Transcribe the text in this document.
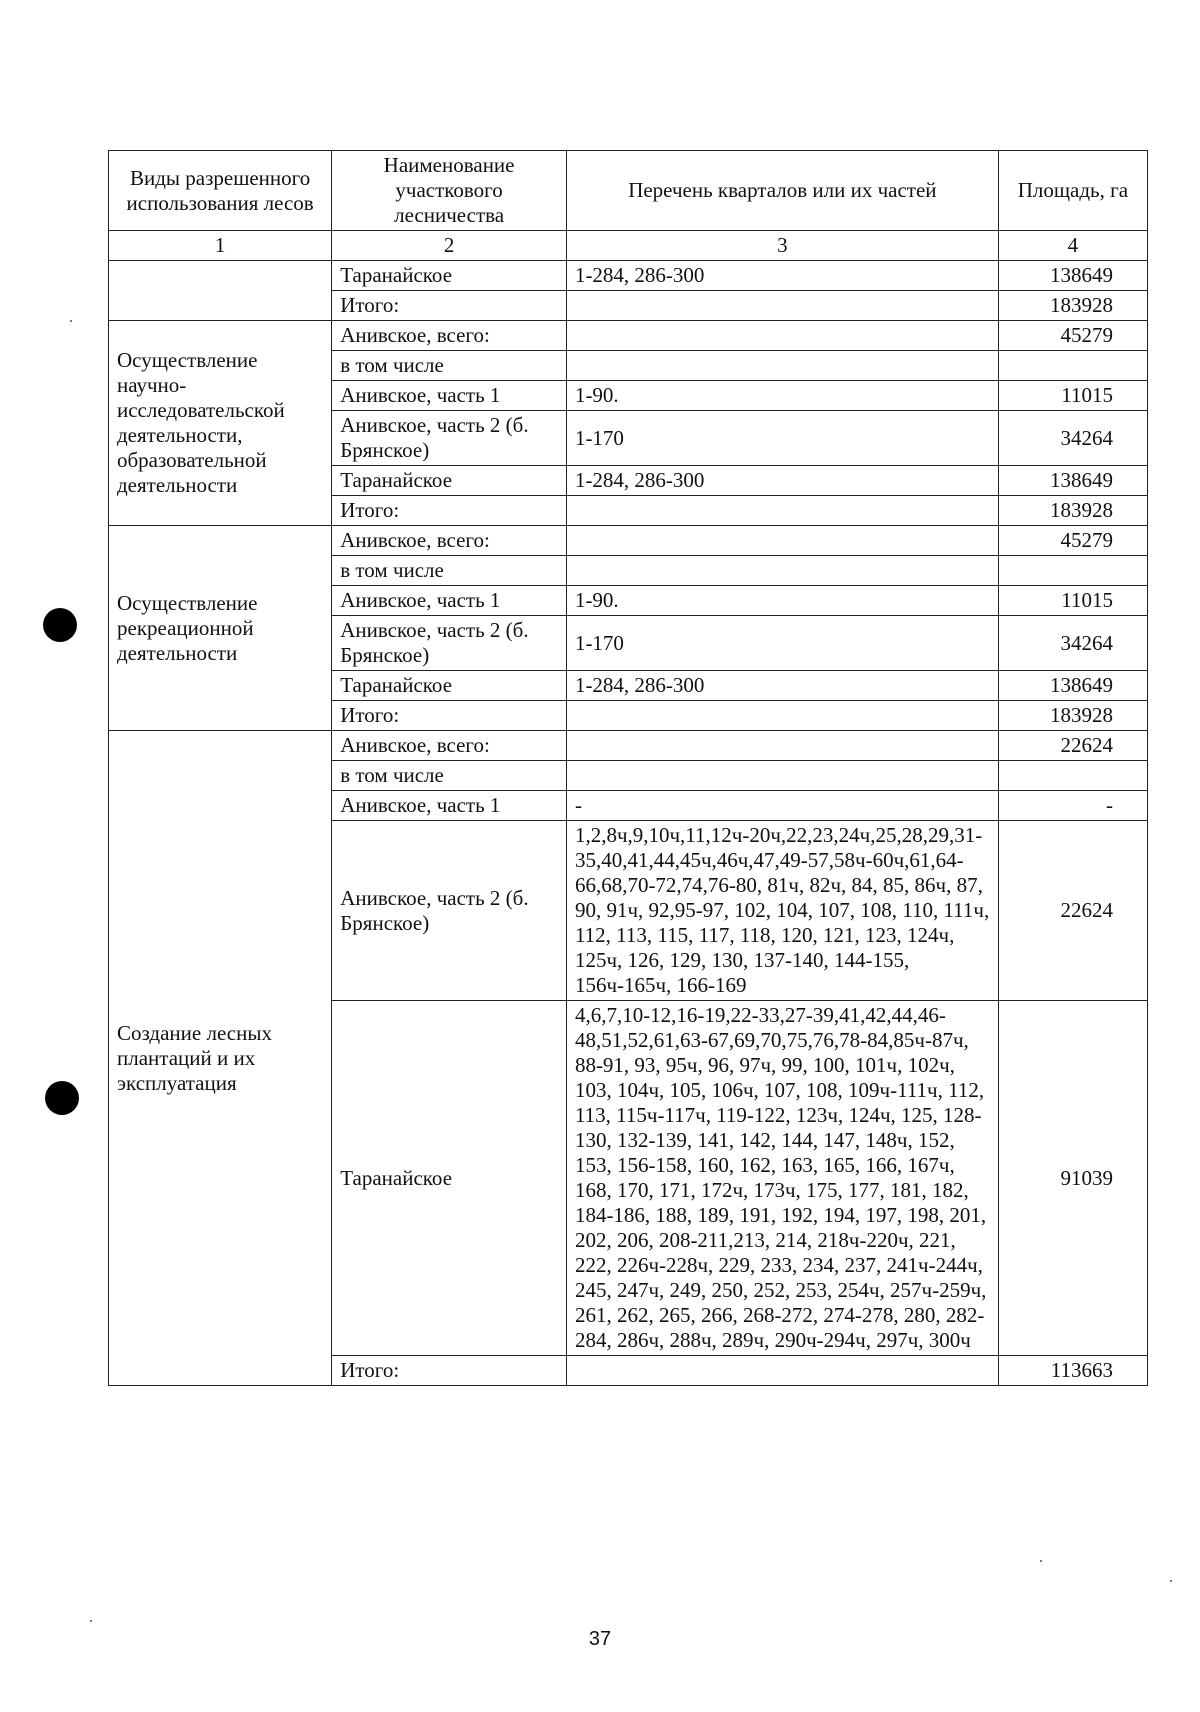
Виды разрешенного использования лесов	Наименование участкового лесничества	Перечень кварталов или их частей	Площадь, га
1	2	3	4
	Таранайское	1-284, 286-300	138649
	Итого:		183928
Осуществление научно-исследовательской деятельности, образовательной деятельности	Анивское, всего:		45279
	в том числе		
	Анивское, часть 1	1-90.	11015
	Анивское, часть 2 (б. Брянское)	1-170	34264
	Таранайское	1-284, 286-300	138649
	Итого:		183928
Осуществление рекреационной деятельности	Анивское, всего:		45279
	в том числе		
	Анивское, часть 1	1-90.	11015
	Анивское, часть 2 (б. Брянское)	1-170	34264
	Таранайское	1-284, 286-300	138649
	Итого:		183928
Создание лесных плантаций и их эксплуатация	Анивское, всего:		22624
	в том числе		
	Анивское, часть 1	-	-
	Анивское, часть 2 (б. Брянское)	1,2,8ч,9,10ч,11,12ч-20ч,22,23,24ч,25,28,29,31-35,40,41,44,45ч,46ч,47,49-57,58ч-60ч,61,64-66,68,70-72,74,76-80, 81ч, 82ч, 84, 85, 86ч, 87, 90, 91ч, 92,95-97, 102, 104, 107, 108, 110, 111ч, 112, 113, 115, 117, 118, 120, 121, 123, 124ч, 125ч, 126, 129, 130, 137-140, 144-155, 156ч-165ч, 166-169	22624
	Таранайское	4,6,7,10-12,16-19,22-33,27-39,41,42,44,46-48,51,52,61,63-67,69,70,75,76,78-84,85ч-87ч, 88-91, 93, 95ч, 96, 97ч, 99, 100, 101ч, 102ч, 103, 104ч, 105, 106ч, 107, 108, 109ч-111ч, 112, 113, 115ч-117ч, 119-122, 123ч, 124ч, 125, 128-130, 132-139, 141, 142, 144, 147, 148ч, 152, 153, 156-158, 160, 162, 163, 165, 166, 167ч, 168, 170, 171, 172ч, 173ч, 175, 177, 181, 182, 184-186, 188, 189, 191, 192, 194, 197, 198, 201, 202, 206, 208-211,213, 214, 218ч-220ч, 221, 222, 226ч-228ч, 229, 233, 234, 237, 241ч-244ч, 245, 247ч, 249, 250, 252, 253, 254ч, 257ч-259ч, 261, 262, 265, 266, 268-272, 274-278, 280, 282-284, 286ч, 288ч, 289ч, 290ч-294ч, 297ч, 300ч	91039
	Итого:		113663
37
